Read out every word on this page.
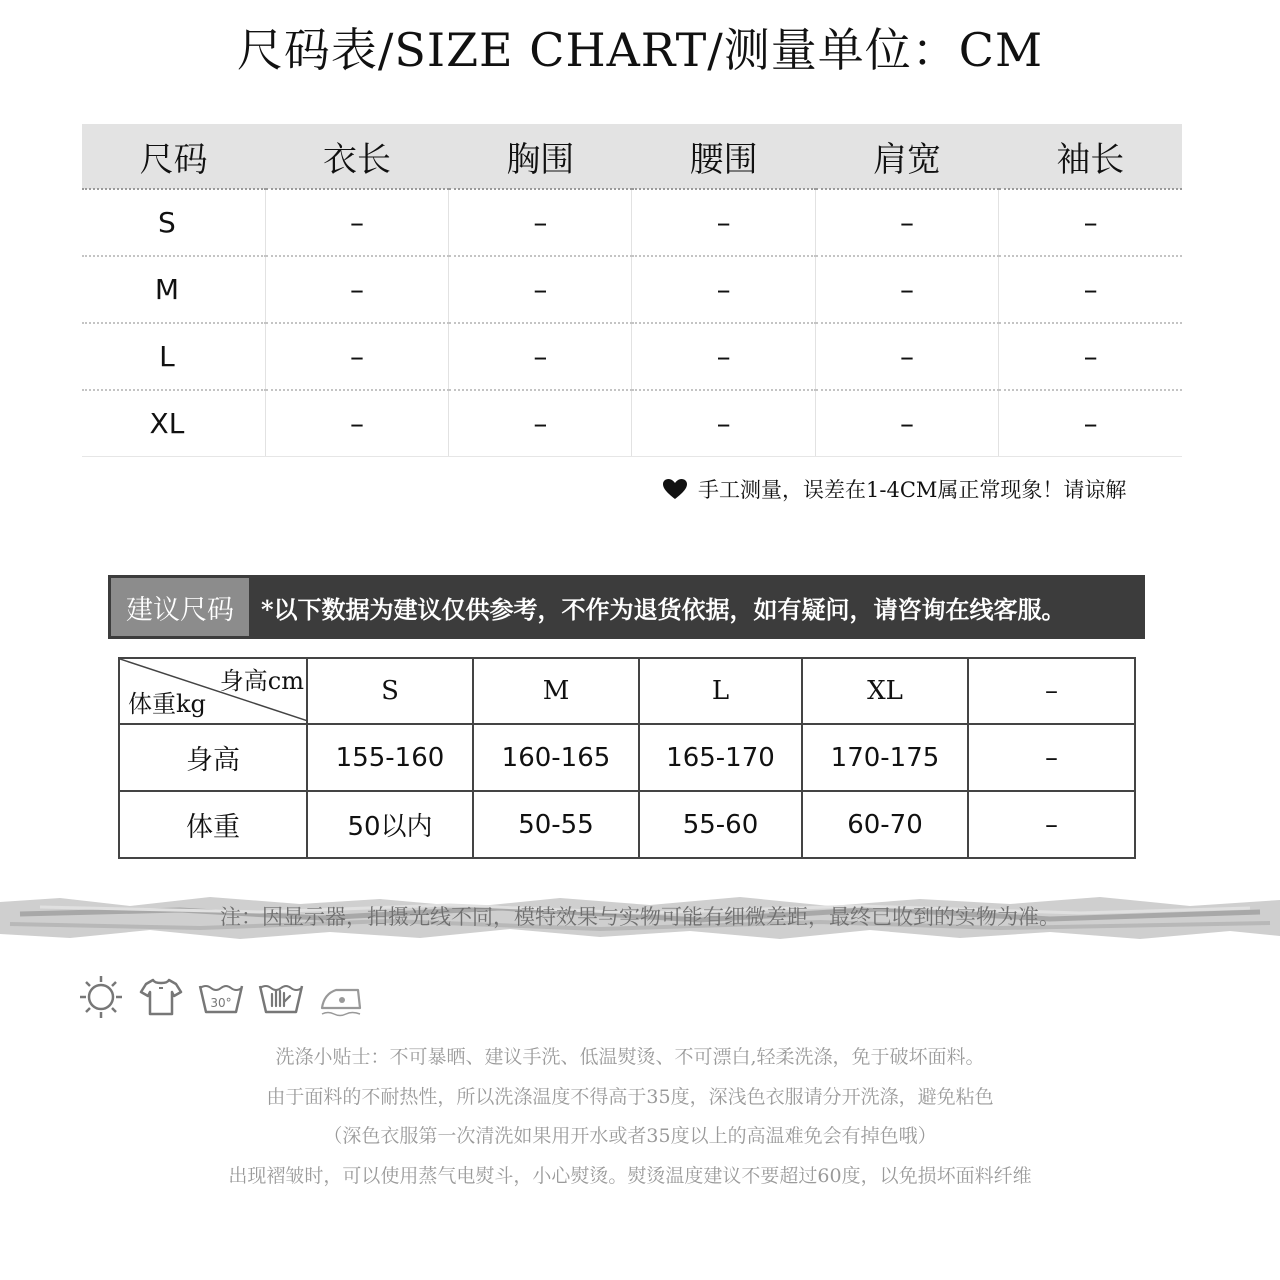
尺码表/SIZE CHART/测量单位：CM
尺码	衣长	胸围	腰围	肩宽	袖长
S	–	–	–	–	–
M	–	–	–	–	–
L	–	–	–	–	–
XL	–	–	–	–	–
手工测量，误差在1-4CM属正常现象！请谅解
建议尺码	*以下数据为建议仅供参考，不作为退货依据，如有疑问，请咨询在线客服。
身高cm
体重kg	S	M	L	XL	–
身高	155-160	160-165	165-170	170-175	–
体重	50以内	50-55	55-60	60-70	–
注：因显示器，拍摄光线不同，模特效果与实物可能有细微差距，最终已收到的实物为准。
30°
洗涤小贴士：不可暴晒、建议手洗、低温熨烫、不可漂白,轻柔洗涤，免于破坏面料。
由于面料的不耐热性，所以洗涤温度不得高于35度，深浅色衣服请分开洗涤，避免粘色
（深色衣服第一次清洗如果用开水或者35度以上的高温难免会有掉色哦）
出现褶皱时，可以使用蒸气电熨斗，小心熨烫。熨烫温度建议不要超过60度，以免损坏面料纤维
